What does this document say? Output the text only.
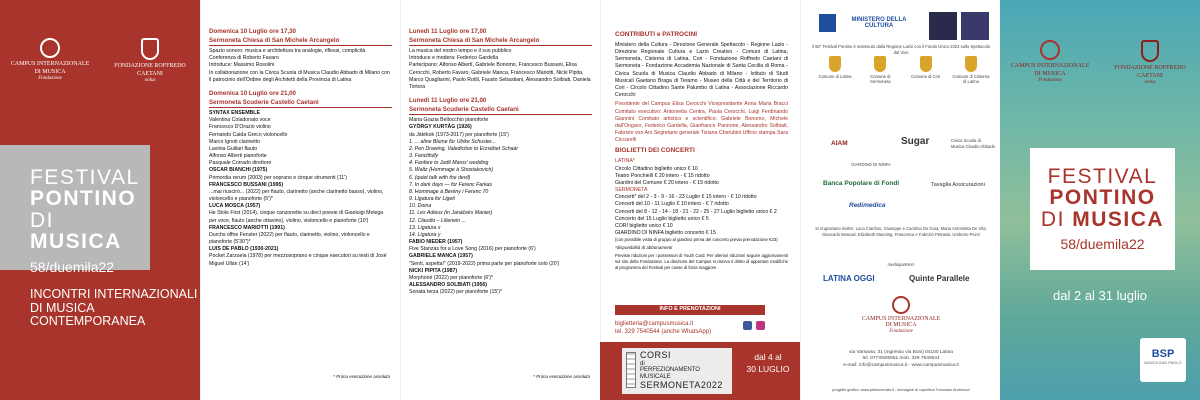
CAMPUS INTERNAZIONALE DI MUSICA
Fondazione
FONDAZIONE ROFFREDO CAETANI
onlus
FESTIVAL
PONTINO
DI MUSICA
58/duemila22
INCONTRI INTERNAZIONALI DI MUSICA CONTEMPORANEA
Domenica 10 Luglio ore 17,30
Sermoneta Chiesa di San Michele Arcangelo
Spazio sonoro: musica e architettura tra analogie, riflessi, complicità
Conferenza di Roberto Favaro
Introduce: Massimo Rosolini
In collaborazione con la Civica Scuola di Musica Claudio Abbado di Milano con il patrocinio dell'Ordine degli Architetti della Provincia di Latina
Domenica 10 Luglio ore 21,00
Sermoneta Scuderie Castello Caetani
SYNTAX ENSEMBLE
Valentina Coladonato voce
Francesco D'Orazio violino
Fernando Caida Greco violoncello
Marco Ignoti clarinetto
Lavinia Guillari flauto
Alfonso Alberti pianoforte
Pasquale Corrado direttore
OSCAR BIANCHI (1975)
Primordia rerum (2003) per soprano e cinque strumenti (11')
FRANCESCO BUSSANI (1995)
...mai riuscirò... (2022) per flauto, clarinetto (anche clarinetto basso), violino, violoncello e pianoforte (5')*
LUCA MOSCA (1957)
He Stole First (2014), cinque canzonette su dieci poesie di Gianluigi Melega per voce, flauto (anche ottavino), violino, violoncello e pianoforte (10')
FRANCESCO MARIOTTI (1991)
Durchs offne Fenster (2022) per flauto, clarinetto, violino, violoncello e pianoforte (5'30'')*
LUIS DE PABLO (1930-2021)
Pocket Zarzuela (1978) per mezzosoprano e cinque esecutori su testi di José Miguel Ullán (14')
* Prima esecuzione assoluta
Lunedì 11 Luglio ore 17,00
Sermoneta Chiesa di San Michele Arcangelo
La musica del nostro tempo e il suo pubblico
Introduce e modera: Federico Gardella
Partecipano: Alfonso Alberti, Gabriele Bonomo, Francesco Bussani, Elisa Cerocchi, Roberto Favaro, Gabriele Manca, Francesco Mariotti, Nicki Pipita, Marco Quagliarini, Paolo Rotili, Fausto Sebastiani, Alessandro Solbiati, Daniela Tortora
Lunedì 11 Luglio ore 21,00
Sermoneta Scuderie Castello Caetani
Maria Grazia Bellocchio pianoforte
GYÖRGY KURTÁG (1926)
da Játékok (1973-2017) per pianoforte (15')
1. ... aline Blume für Ulrike Schuster...
2. Pen Drawing, Valediction to Erzsébet Schaár
3. Fanctifully
4. Fanfare to Judit Maros' wedding
5. Waltz (Hommage à Shostakovich)
6. (quiet talk with the devil)
7. In dark days — for Ferenc Farkas
8. Hommage à Berény i Ferenc 70
9. Ligatura for Ligeti
10. Doina
11. Les Adieux (in Janáčeks Manier)
12. Claudio – Lilienein ...
13. Ligatura x
14. Ligatura y
FABIO NIEDER (1957)
Five Stanzas for a Love Song (2016) per pianoforte (6')
GABRIELE MANCA (1957)
"Senti, aspetta!" (2019-2022) prima parte per pianoforte solo (20')
NICKI PIPITA (1987)
Morphoné (2022) per pianoforte (6')*
ALESSANDRO SOLBIATI (1956)
Sonata terza (2022) per pianoforte (15')*
* Prima esecuzione assoluta
CONTRIBUTI e PATROCINI
Ministero della Cultura - Direzione Generale Spettacolo - Regione Lazio - Direzione Regionale Cultura e Lazio Creativo - Comuni di Latina, Sermoneta, Cisterna di Latina, Cori - Fondazione Roffredo Caetani di Sermoneta - Fondazione Accademia Nazionale di Santa Cecilia di Roma - Civica Scuola di Musica Claudio Abbado di Milano - Istituto di Studi Musicali Gaetano Braga di Teramo - Museo della Città e del Territorio di Cori - Circolo Cittadino Sante Palumbo di Latina - Associazione Riccardo Cerocchi
Presidente del Campus Elisa Cerocchi Vicepresidente Anna Maria Bracci Comitato esecutivo: Antonietta Centra, Paola Cerocchi, Luigi Ferdinando Giannini Comitato artistico e scientifico: Gabriele Bonomo, Michele dall'Ongaro, Federico Gardella, Gianfranco Pannone, Alessandro Solbiati, Fabrizio von Arx Segretario generale Tiziana Cherubini Ufficio stampa Sara Ciccarelli
BIGLIETTI DEI CONCERTI
LATINA*
Circolo Cittadino biglietto unico € 10
Teatro Ponchielli € 20 intero - € 15 ridotto
Giardini del Comune € 20 intero - € 15 ridotto
SERMONETA
Concerti* del 2 - 3 - 9 - 16 - 23 Luglio € 15 intero - € 10 ridotto
Concerti del 10 - 11 Luglio € 10 intero - € 7 ridotto
Concerti del 8 - 12 - 14 - 18 - 21 - 22 - 25 - 27 Luglio biglietto unico € 2
Concerto del 15 Luglio biglietto unico € 5
CORI biglietto unico € 10
GIARDINO DI NINFA biglietto concerto € 15
(con possibile visita di gruppo al giardino prima del concerto previa prenotazione €23)
*disponibilità di abbonamenti
Previste riduzioni per i possessori di Youth Card. Per ulteriori riduzioni seguire aggiornamenti sul sito della Fondazione. La direzione del Campus si riserva il diritto di apportare modifiche al programma del Festival per cause di forza maggiore.
INFO E PRENOTAZIONI
biglietteria@campusmusica.it
tel. 329 7540544 (anche WhatsApp)
CORSI
di
PERFEZIONAMENTO
MUSICALE
SERMONETA2022
dal 4 al
30 LUGLIO
MINISTERO DELLA CULTURA
Il 58° Festival Pontino è sostenuto dalla Regione Lazio con il Fondo Unico 2022 sullo Spettacolo dal Vivo

Comune di Latina	Comune di Sermoneta

Comune di Cori	Comune di Cisterna di Latina
AIAM	Sugar	Civica Scuola di Musica Claudio Abbado
GIARDINO DI NINFA
Banca Popolare di Fondi	Tavaglia Assicurazioni
Redimedica
Si ringraziano inoltre: Luca Cianfoni, Giuseppe e Carolina De Guia, Maria Antonietta De Vita, Giancarlo Moscati, Elizabeth Manning, Francesca e Fabrizio Petrassi, Umberto Pezzi
mediapartners
LATINA OGGI	Quinte Parallele
CAMPUS INTERNAZIONALE DI MUSICA
Fondazione
via Varsavia, 31 (ingresso via Boni) 04100 Latina
tel. 0773/605551 mob. 329 7540544
e-mail: info@campusmusica.it - www.campusmusica.it
progetto grafico: www.pietrocerrato.it - immagine di copertina Tommaso Andreozzi
CAMPUS INTERNAZIONALE DI MUSICA
Fondazione
FONDAZIONE ROFFREDO CAETANI
onlus
FESTIVAL
PONTINO
DI MUSICA
58/duemila22
dal 2 al 31 luglio
BSP
BANCA SAN PAOLO
